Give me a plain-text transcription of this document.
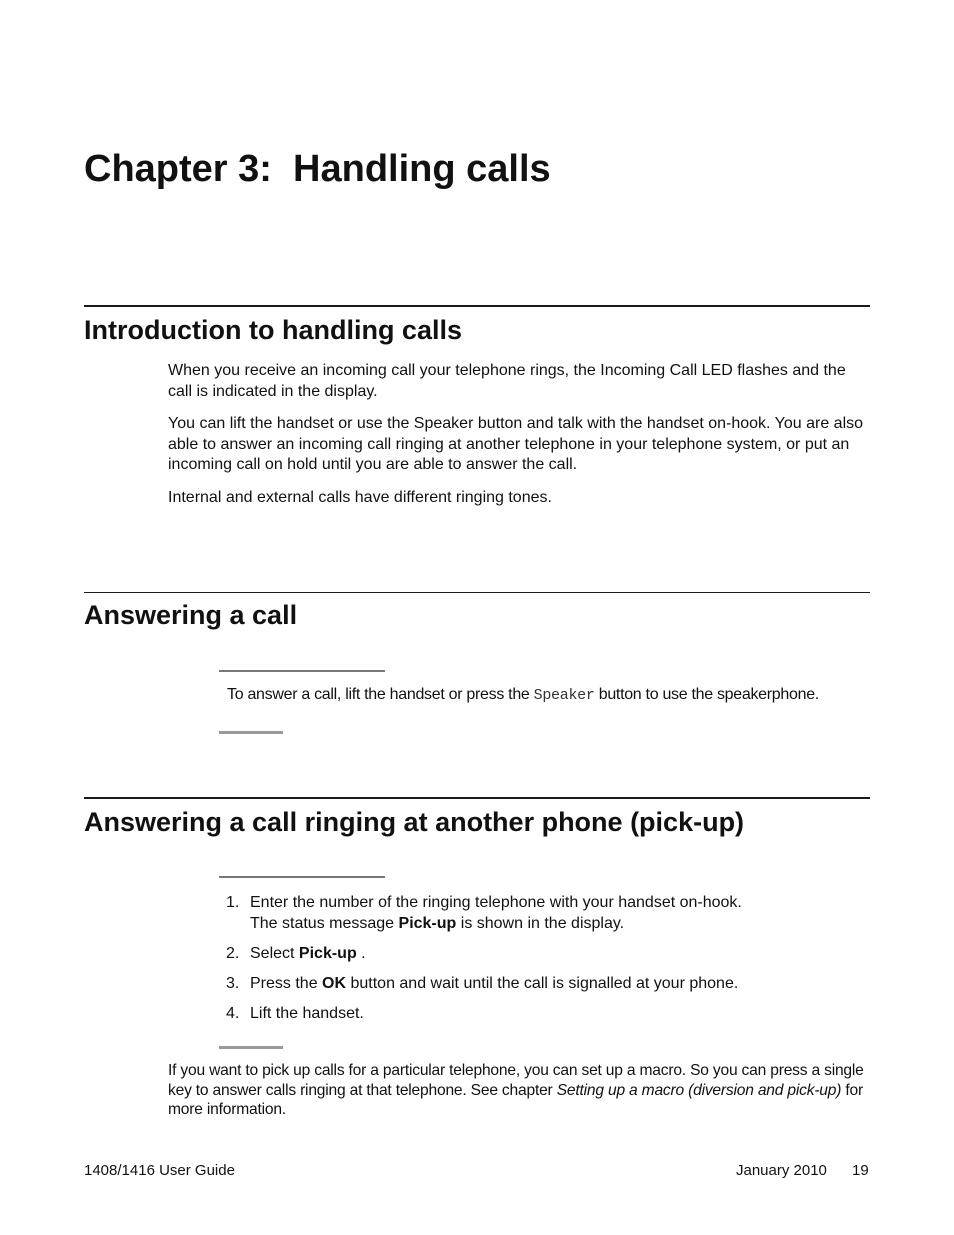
Chapter 3:  Handling calls
Introduction to handling calls

When you receive an incoming call your telephone rings, the Incoming Call LED flashes and the call is indicated in the display.

You can lift the handset or use the Speaker button and talk with the handset on-hook. You are also able to answer an incoming call ringing at another telephone in your telephone system, or put an incoming call on hold until you are able to answer the call.

Internal and external calls have different ringing tones.

Answering a call

To answer a call, lift the handset or press the Speaker button to use the speakerphone.

Answering a call ringing at another phone (pick-up)
1. Enter the number of the ringing telephone with your handset on-hook.
The status message Pick-up is shown in the display.
2. Select Pick-up .
3. Press the OK button and wait until the call is signalled at your phone.
4. Lift the handset.

If you want to pick up calls for a particular telephone, you can set up a macro. So you can press a single key to answer calls ringing at that telephone. See chapter Setting up a macro (diversion and pick-up) for more information.

1408/1416 User Guide	January 2010 19
